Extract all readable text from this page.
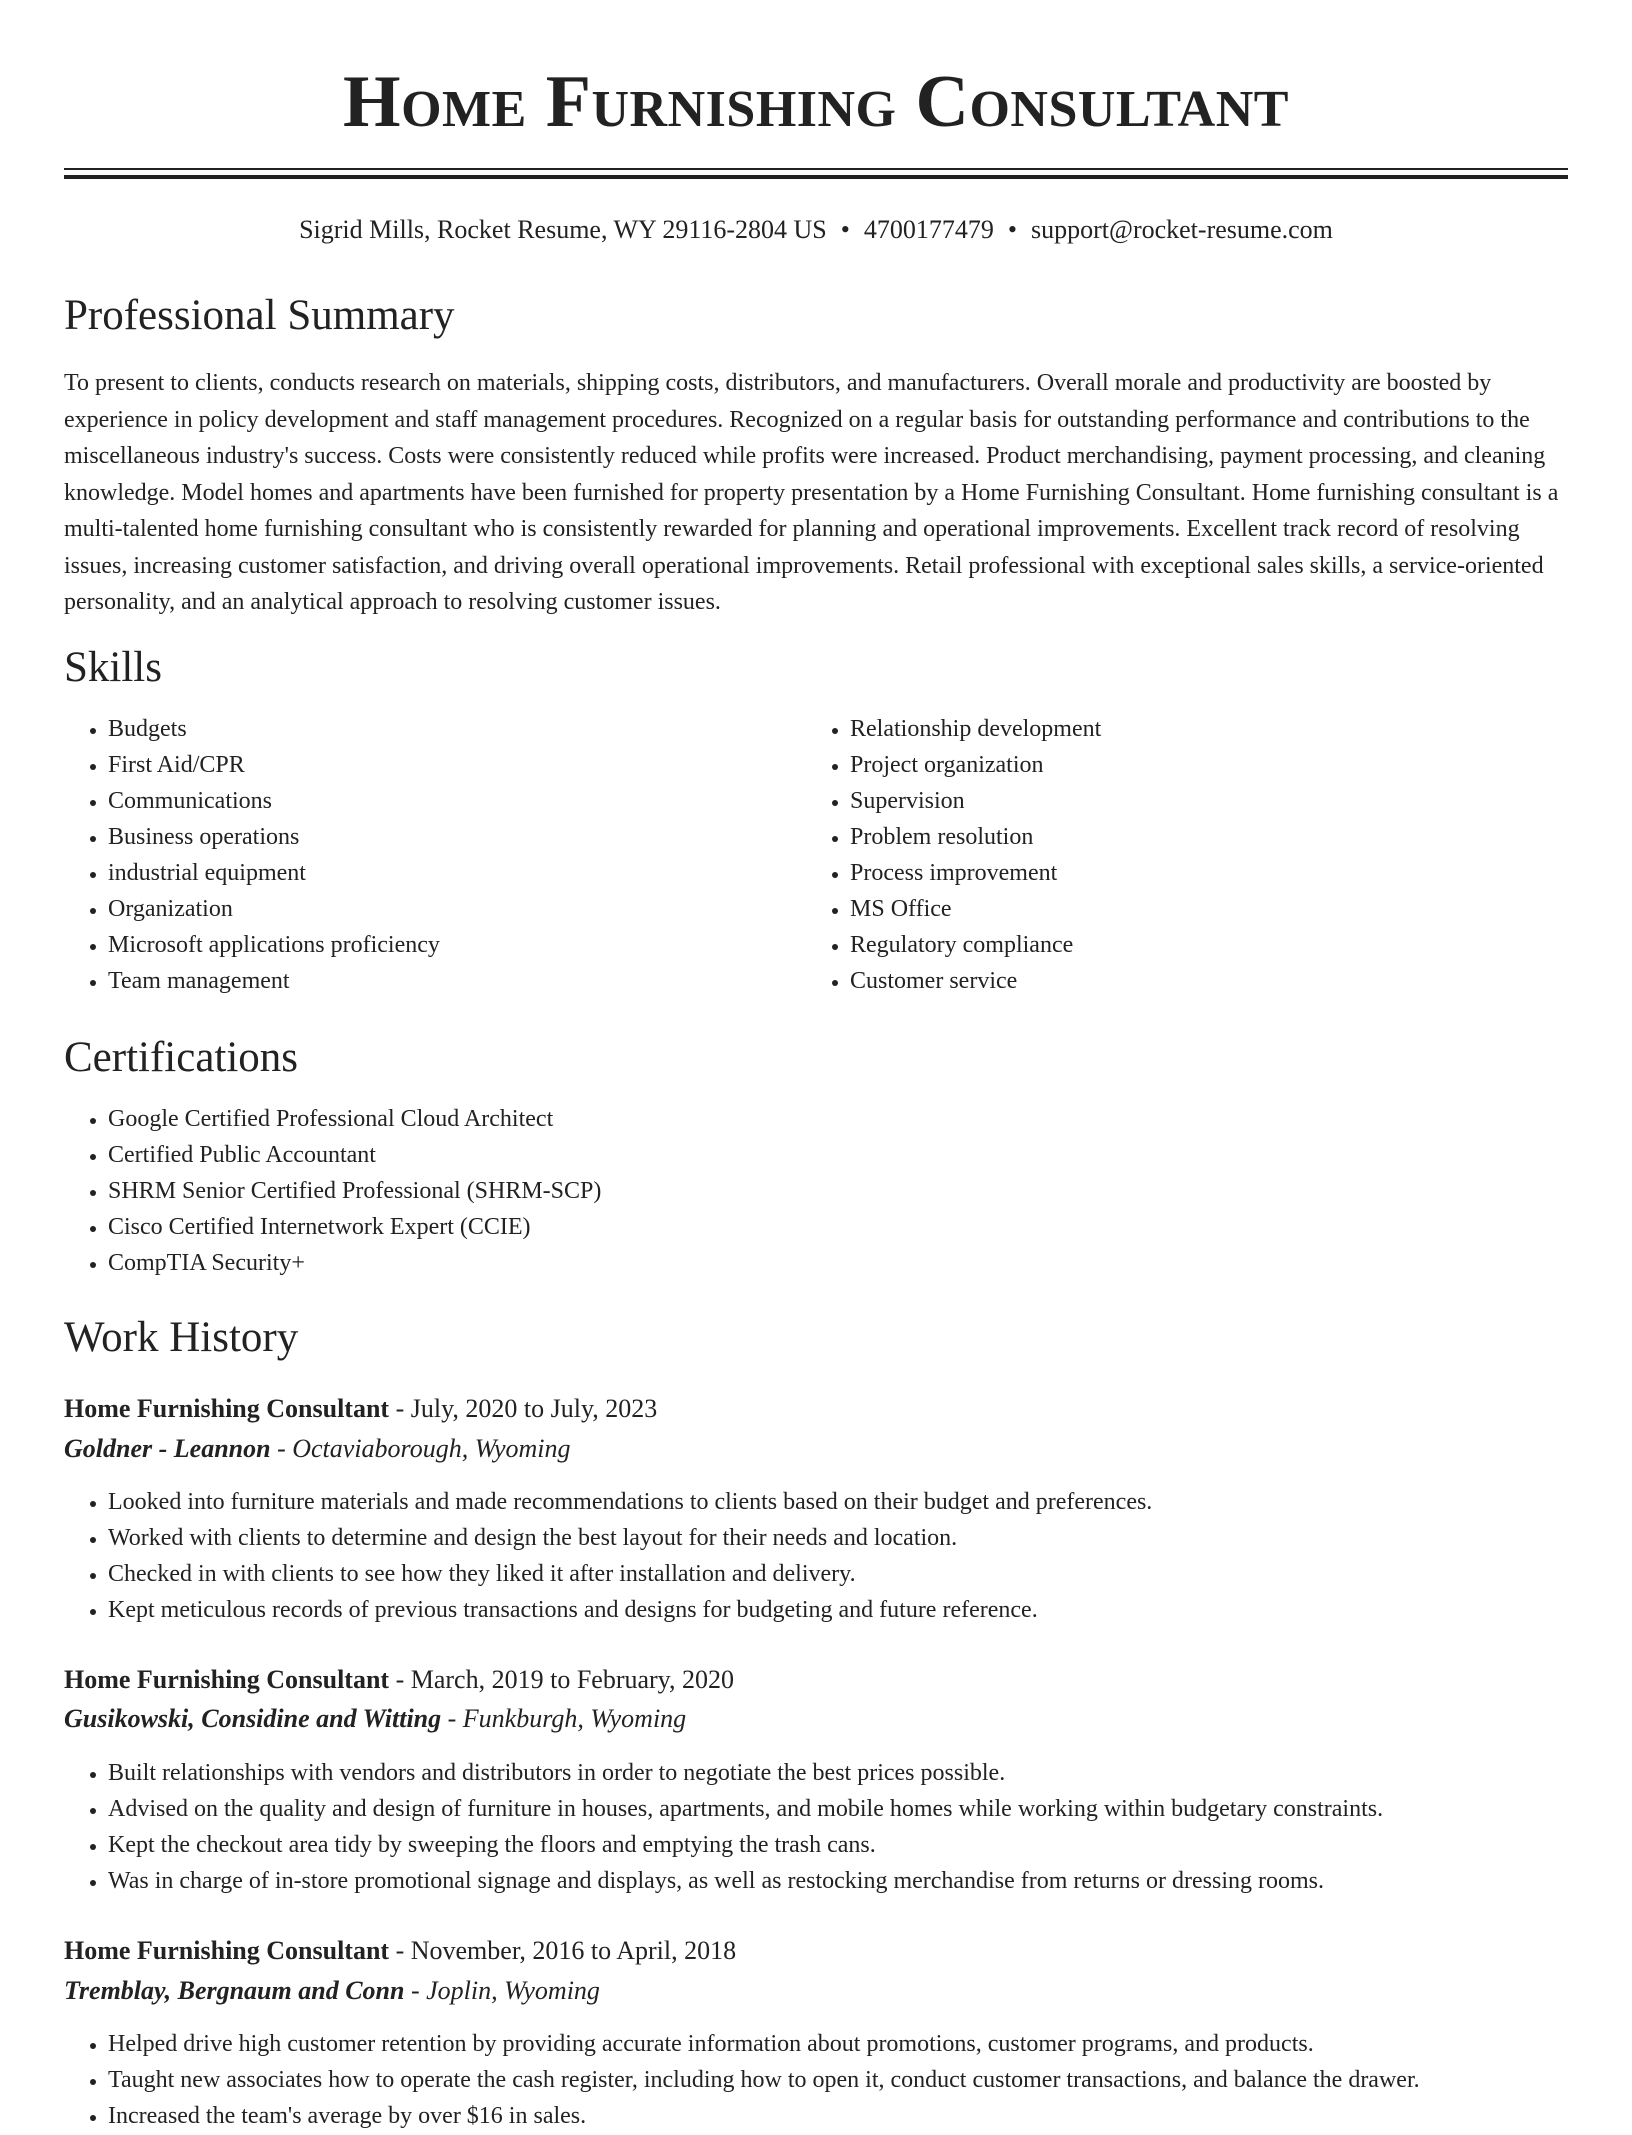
Home Furnishing Consultant
Sigrid Mills, Rocket Resume, WY 29116-2804 US • 4700177479 • support@rocket-resume.com
Professional Summary

To present to clients, conducts research on materials, shipping costs, distributors, and manufacturers. Overall morale and productivity are boosted by experience in policy development and staff management procedures. Recognized on a regular basis for outstanding performance and contributions to the miscellaneous industry's success. Costs were consistently reduced while profits were increased. Product merchandising, payment processing, and cleaning knowledge. Model homes and apartments have been furnished for property presentation by a Home Furnishing Consultant. Home furnishing consultant is a multi-talented home furnishing consultant who is consistently rewarded for planning and operational improvements. Excellent track record of resolving issues, increasing customer satisfaction, and driving overall operational improvements. Retail professional with exceptional sales skills, a service-oriented personality, and an analytical approach to resolving customer issues.

Skills
• Budgets
• First Aid/CPR
• Communications
• Business operations
• industrial equipment
• Organization
• Microsoft applications proficiency
• Team management
• Relationship development
• Project organization
• Supervision
• Problem resolution
• Process improvement
• MS Office
• Regulatory compliance
• Customer service
Certifications
• Google Certified Professional Cloud Architect
• Certified Public Accountant
• SHRM Senior Certified Professional (SHRM-SCP)
• Cisco Certified Internetwork Expert (CCIE)
• CompTIA Security+
Work History
Home Furnishing Consultant - July, 2020 to July, 2023
Goldner - Leannon - Octaviaborough, Wyoming
• Looked into furniture materials and made recommendations to clients based on their budget and preferences.
• Worked with clients to determine and design the best layout for their needs and location.
• Checked in with clients to see how they liked it after installation and delivery.
• Kept meticulous records of previous transactions and designs for budgeting and future reference.
Home Furnishing Consultant - March, 2019 to February, 2020
Gusikowski, Considine and Witting - Funkburgh, Wyoming
• Built relationships with vendors and distributors in order to negotiate the best prices possible.
• Advised on the quality and design of furniture in houses, apartments, and mobile homes while working within budgetary constraints.
• Kept the checkout area tidy by sweeping the floors and emptying the trash cans.
• Was in charge of in-store promotional signage and displays, as well as restocking merchandise from returns or dressing rooms.
Home Furnishing Consultant - November, 2016 to April, 2018
Tremblay, Bergnaum and Conn - Joplin, Wyoming
• Helped drive high customer retention by providing accurate information about promotions, customer programs, and products.
• Taught new associates how to operate the cash register, including how to open it, conduct customer transactions, and balance the drawer.
• Increased the team's average by over $16 in sales.
